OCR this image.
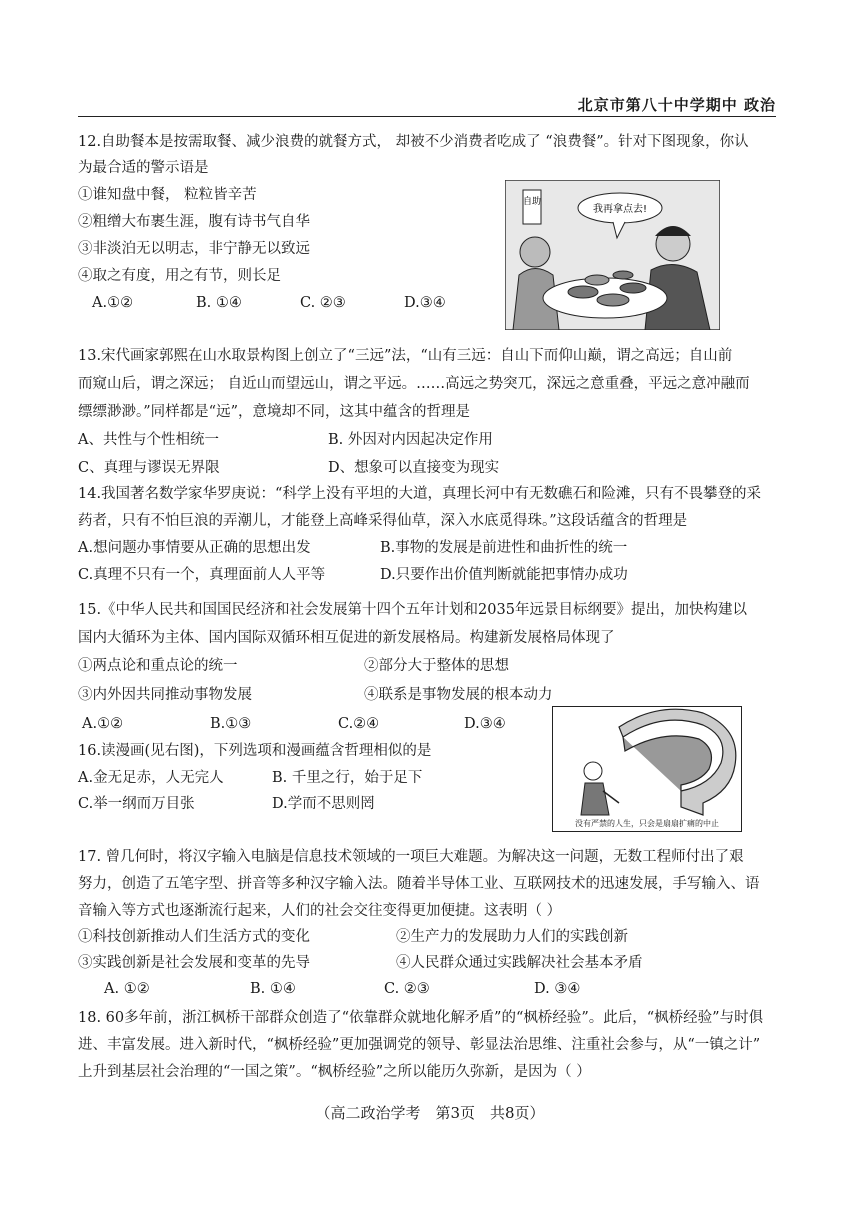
北京市第八十中学期中 政治
12.自助餐本是按需取餐、减少浪费的就餐方式， 却被不少消费者吃成了 “浪费餐”。针对下图现象，你认
为最合适的警示语是
①谁知盘中餐， 粒粒皆辛苦
②粗缯大布裹生涯，腹有诗书气自华
③非淡泊无以明志，非宁静无以致远
④取之有度，用之有节，则长足
A.①②	B. ①④	C. ②③	D.③④
自助
我再拿点去!
13.宋代画家郭熙在山水取景构图上创立了“三远”法，“山有三远：自山下而仰山巅，谓之高远；自山前
而窥山后，谓之深远； 自近山而望远山，谓之平远。……高远之势突兀，深远之意重叠，平远之意冲融而
缥缥渺渺。”同样都是“远”，意境却不同，这其中蕴含的哲理是
A、共性与个性相统一	B. 外因对内因起决定作用
C、真理与谬误无界限	D、想象可以直接变为现实
14.我国著名数学家华罗庚说：“科学上没有平坦的大道，真理长河中有无数礁石和险滩，只有不畏攀登的采
药者，只有不怕巨浪的弄潮儿，才能登上高峰采得仙草，深入水底觅得珠。”这段话蕴含的哲理是
A.想问题办事情要从正确的思想出发	B.事物的发展是前进性和曲折性的统一
C.真理不只有一个，真理面前人人平等	D.只要作出价值判断就能把事情办成功
15.《中华人民共和国国民经济和社会发展第十四个五年计划和2035年远景目标纲要》提出，加快构建以
国内大循环为主体、国内国际双循环相互促进的新发展格局。构建新发展格局体现了
①两点论和重点论的统一	②部分大于整体的思想
③内外因共同推动事物发展	④联系是事物发展的根本动力
A.①②	B.①③	C.②④	D.③④
16.读漫画(见右图)，下列选项和漫画蕴含哲理相似的是
A.金无足赤，人无完人	B. 千里之行，始于足下
C.举一纲而万目张	D.学而不思则罔
没有严禁的人生，只会是扇扇扩痛的中止
17. 曾几何时，将汉字输入电脑是信息技术领域的一项巨大难题。为解决这一问题，无数工程师付出了艰
努力，创造了五笔字型、拼音等多种汉字输入法。随着半导体工业、互联网技术的迅速发展，手写输入、语
音输入等方式也逐渐流行起来，人们的社会交往变得更加便捷。这表明（ ）
①科技创新推动人们生活方式的变化	②生产力的发展助力人们的实践创新
③实践创新是社会发展和变革的先导	④人民群众通过实践解决社会基本矛盾
A. ①②	B. ①④	C. ②③	D. ③④
18. 60多年前，浙江枫桥干部群众创造了“依靠群众就地化解矛盾”的“枫桥经验”。此后，“枫桥经验”与时俱
进、丰富发展。进入新时代，“枫桥经验”更加强调党的领导、彰显法治思维、注重社会参与，从“一镇之计”
上升到基层社会治理的“一国之策”。“枫桥经验”之所以能历久弥新，是因为（ ）
（高二政治学考　第3页　共8页）
